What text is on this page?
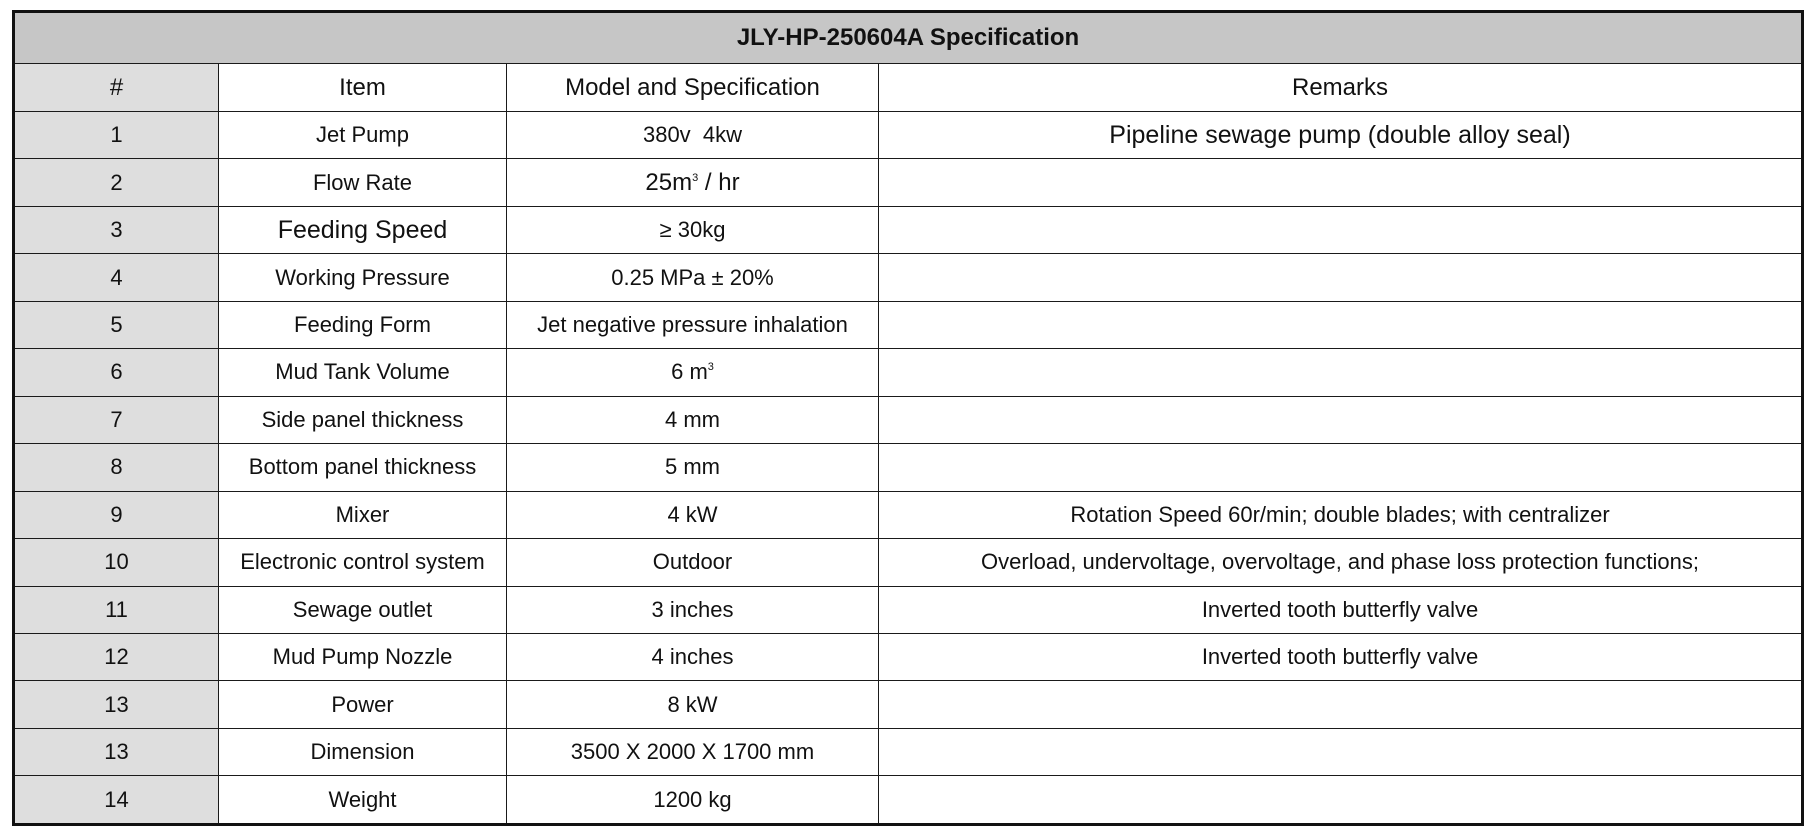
JLY-HP-250604A Specification			
#	Item	Model and Specification	Remarks
1	Jet Pump	380v  4kw	Pipeline sewage pump (double alloy seal)
2	Flow Rate	$25m^3$ / hr	
3	Feeding Speed	≥ 30kg	
4	Working Pressure	0.25 MPa ± 20%	
5	Feeding Form	Jet negative pressure inhalation	
6	Mud Tank Volume	6 $m^3$	
7	Side panel thickness	4 mm	
8	Bottom panel thickness	5 mm	
9	Mixer	4 kW	Rotation Speed 60r/min; double blades; with centralizer
10	Electronic control system	Outdoor	Overload, undervoltage, overvoltage, and phase loss protection functions;
11	Sewage outlet	3 inches	Inverted tooth butterfly valve
12	Mud Pump Nozzle	4 inches	Inverted tooth butterfly valve
13	Power	8 kW	
13	Dimension	3500 X 2000 X 1700 mm	
14	Weight	1200 kg	
